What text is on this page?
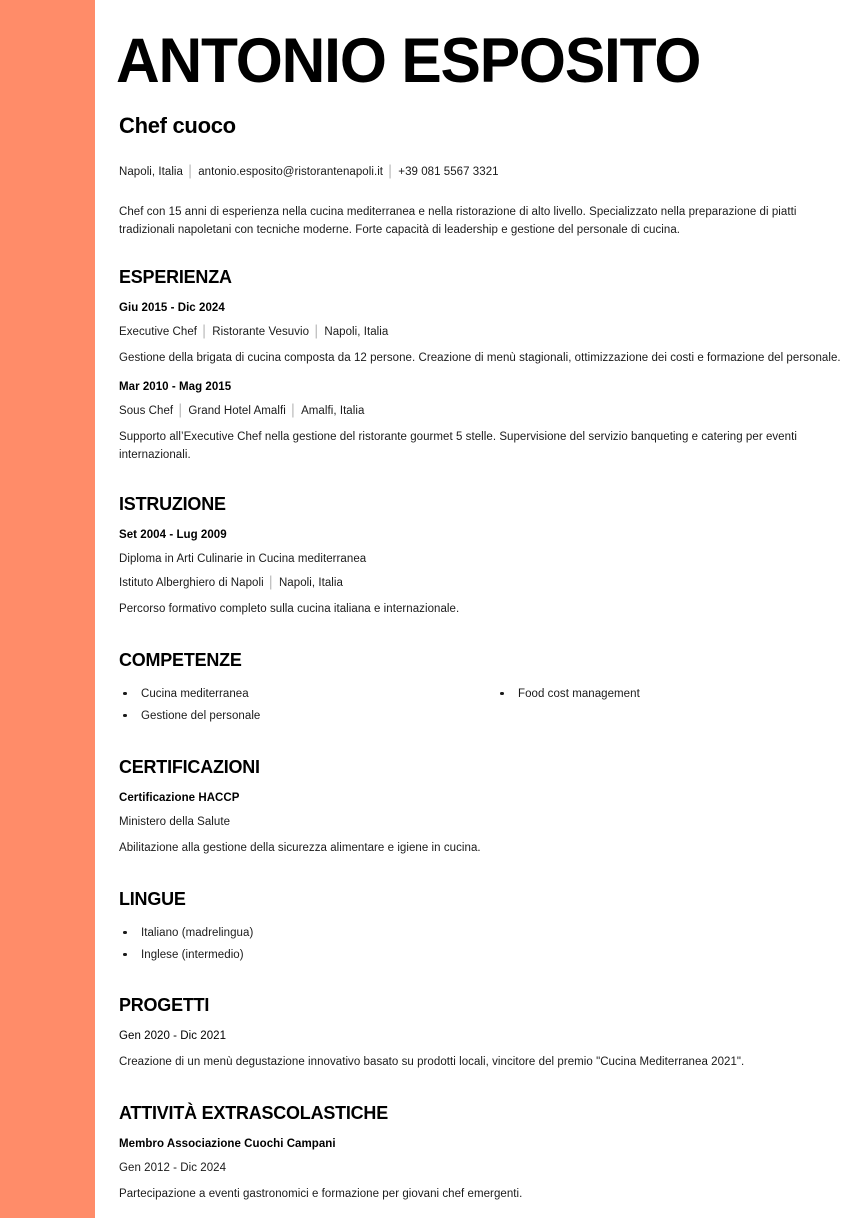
ANTONIO ESPOSITO
Chef cuoco
Napoli, Italia │ antonio.esposito@ristorantenapoli.it │ +39 081 5567 3321

Chef con 15 anni di esperienza nella cucina mediterranea e nella ristorazione di alto livello. Specializzato nella preparazione di piatti tradizionali napoletani con tecniche moderne. Forte capacità di leadership e gestione del personale di cucina.

ESPERIENZA
Giu 2015 - Dic 2024
Executive Chef │ Ristorante Vesuvio │ Napoli, Italia

Gestione della brigata di cucina composta da 12 persone. Creazione di menù stagionali, ottimizzazione dei costi e formazione del personale.

Mar 2010 - Mag 2015
Sous Chef │ Grand Hotel Amalfi │ Amalfi, Italia

Supporto all’Executive Chef nella gestione del ristorante gourmet 5 stelle. Supervisione del servizio banqueting e catering per eventi internazionali.

ISTRUZIONE
Set 2004 - Lug 2009
Diploma in Arti Culinarie in Cucina mediterranea
Istituto Alberghiero di Napoli │ Napoli, Italia

Percorso formativo completo sulla cucina italiana e internazionale.

COMPETENZE
Cucina mediterranea
Gestione del personale
Food cost management
CERTIFICAZIONI
Certificazione HACCP
Ministero della Salute

Abilitazione alla gestione della sicurezza alimentare e igiene in cucina.

LINGUE
Italiano (madrelingua)
Inglese (intermedio)
PROGETTI
Gen 2020 - Dic 2021

Creazione di un menù degustazione innovativo basato su prodotti locali, vincitore del premio "Cucina Mediterranea 2021".

ATTIVITÀ EXTRASCOLASTICHE
Membro Associazione Cuochi Campani
Gen 2012 - Dic 2024

Partecipazione a eventi gastronomici e formazione per giovani chef emergenti.
